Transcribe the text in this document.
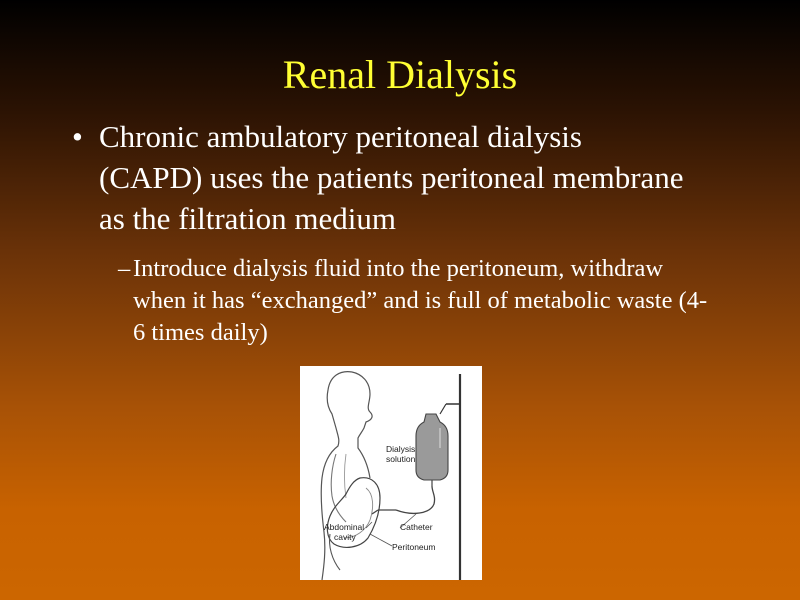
Renal Dialysis
• Chronic ambulatory peritoneal dialysis (CAPD) uses the patients peritoneal membrane as the filtration medium
– Introduce dialysis fluid into the peritoneum, withdraw when it has “exchanged” and is full of metabolic waste (4-6 times daily)
Dialysis
solution
Catheter
Abdominal
cavity
Peritoneum
